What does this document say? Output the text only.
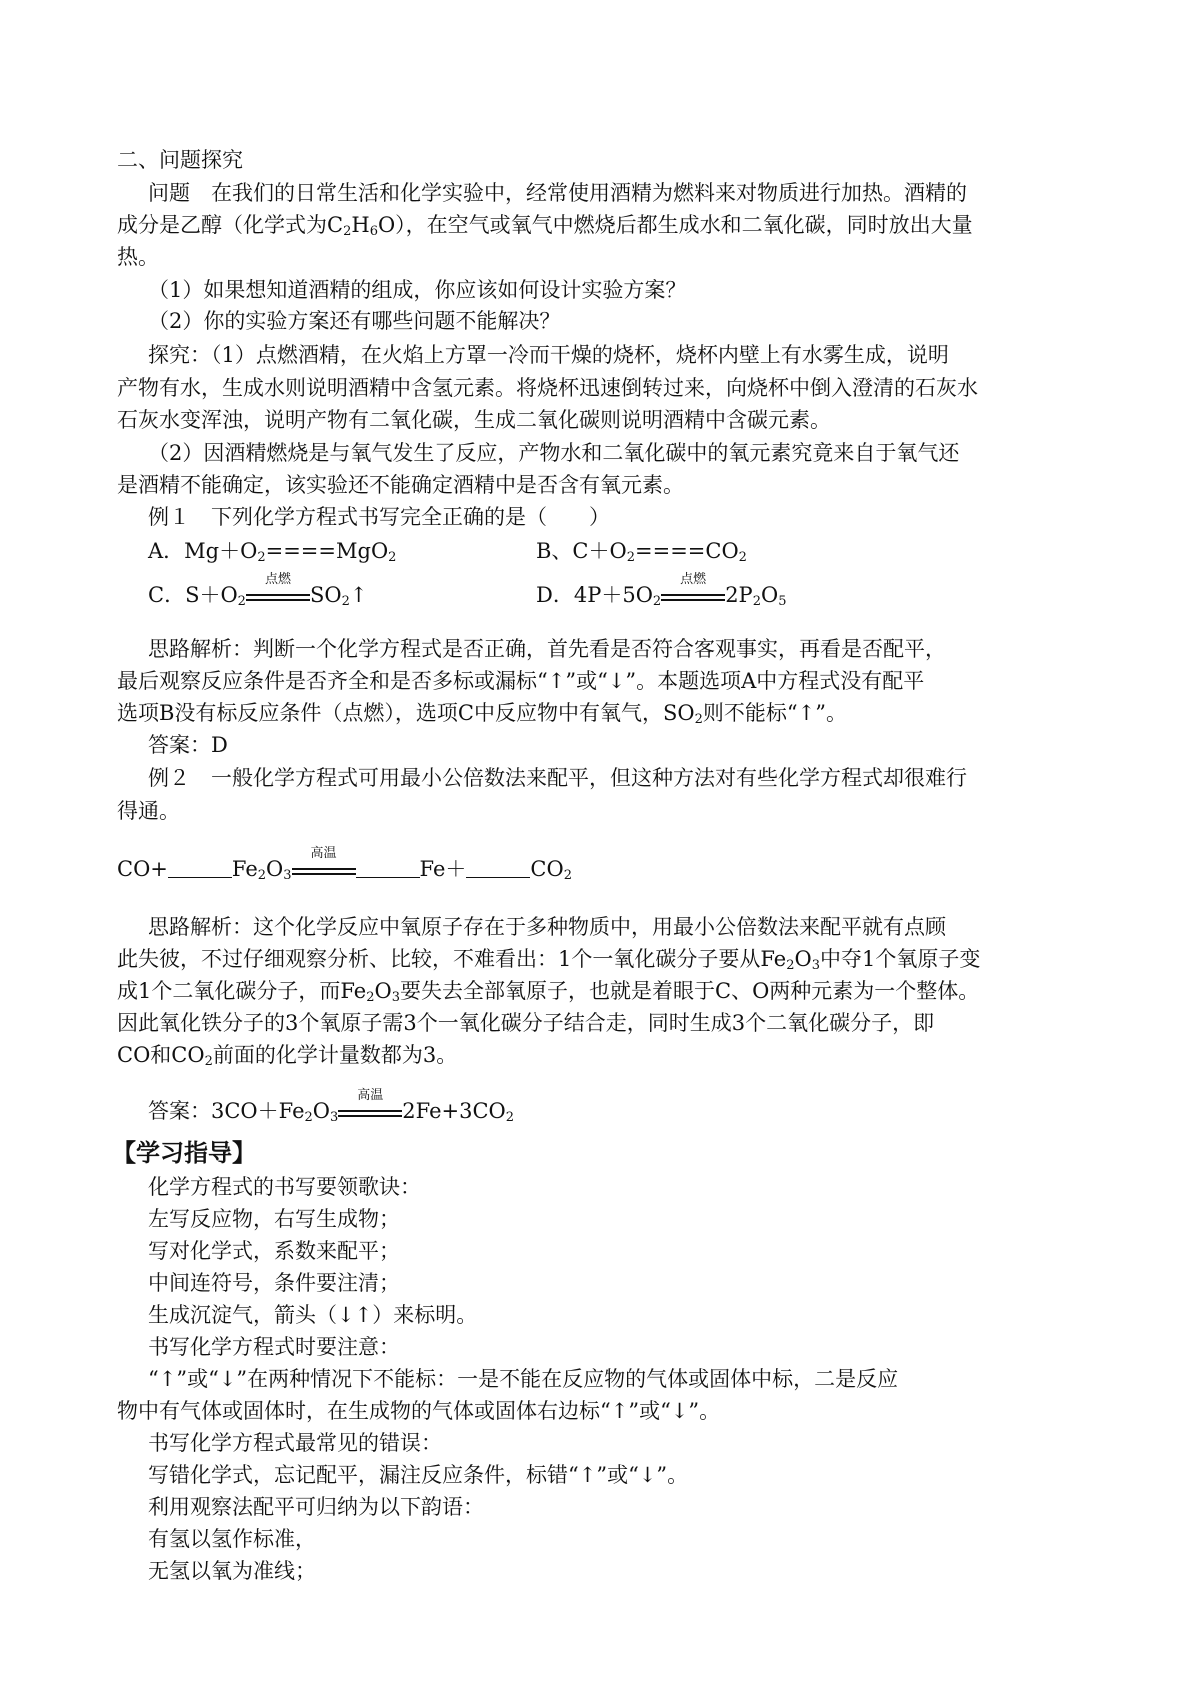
二、问题探究
问题　在我们的日常生活和化学实验中，经常使用酒精为燃料来对物质进行加热。酒精的
成分是乙醇（化学式为$C_2H_6O$），在空气或氧气中燃烧后都生成水和二氧化碳，同时放出大量
热。
（1）如果想知道酒精的组成，你应该如何设计实验方案？
（2）你的实验方案还有哪些问题不能解决？
探究：（1）点燃酒精，在火焰上方罩一冷而干燥的烧杯，烧杯内壁上有水雾生成，说明
产物有水，生成水则说明酒精中含氢元素。将烧杯迅速倒转过来，向烧杯中倒入澄清的石灰水
石灰水变浑浊，说明产物有二氧化碳，生成二氧化碳则说明酒精中含碳元素。
（2）因酒精燃烧是与氧气发生了反应，产物水和二氧化碳中的氧元素究竟来自于氧气还
是酒精不能确定，该实验还不能确定酒精中是否含有氧元素。
例１　下列化学方程式书写完全正确的是（　　）
A．$Mg+O_2====MgO_2$	B、$C+O_2====CO_2$
C．$S+O_2$
点燃
$SO_2↑$	D．$4P+5O_2$
点燃
$2P_2O_5$
思路解析：判断一个化学方程式是否正确，首先看是否符合客观事实，再看是否配平，
最后观察反应条件是否齐全和是否多标或漏标“↑”或“↓”。本题选项A中方程式没有配平
选项B没有标反应条件（点燃），选项C中反应物中有氧气，$SO_2$则不能标“↑”。
答案：D
例２　一般化学方程式可用最小公倍数法来配平，但这种方法对有些化学方程式却很难行
得通。
CO+	$Fe_2O_3$
高温
Fe＋	$CO_2$
思路解析：这个化学反应中氧原子存在于多种物质中，用最小公倍数法来配平就有点顾
此失彼，不过仔细观察分析、比较，不难看出：1个一氧化碳分子要从$Fe_2O_3$中夺1个氧原子变
成1个二氧化碳分子，而$Fe_2O_3$要失去全部氧原子，也就是着眼于C、O两种元素为一个整体。
因此氧化铁分子的3个氧原子需3个一氧化碳分子结合走，同时生成3个二氧化碳分子，即
CO和$CO_2$前面的化学计量数都为3。
答案：$3CO+Fe_2O_3$
高温
$2Fe+3CO_2$
【学习指导】
化学方程式的书写要领歌诀：
左写反应物，右写生成物；
写对化学式，系数来配平；
中间连符号，条件要注清；
生成沉淀气，箭头（↓↑）来标明。
书写化学方程式时要注意：
“↑”或“↓”在两种情况下不能标：一是不能在反应物的气体或固体中标，二是反应
物中有气体或固体时，在生成物的气体或固体右边标“↑”或“↓”。
书写化学方程式最常见的错误：
写错化学式，忘记配平，漏注反应条件，标错“↑”或“↓”。
利用观察法配平可归纳为以下韵语：
有氢以氢作标准，
无氢以氧为准线；
